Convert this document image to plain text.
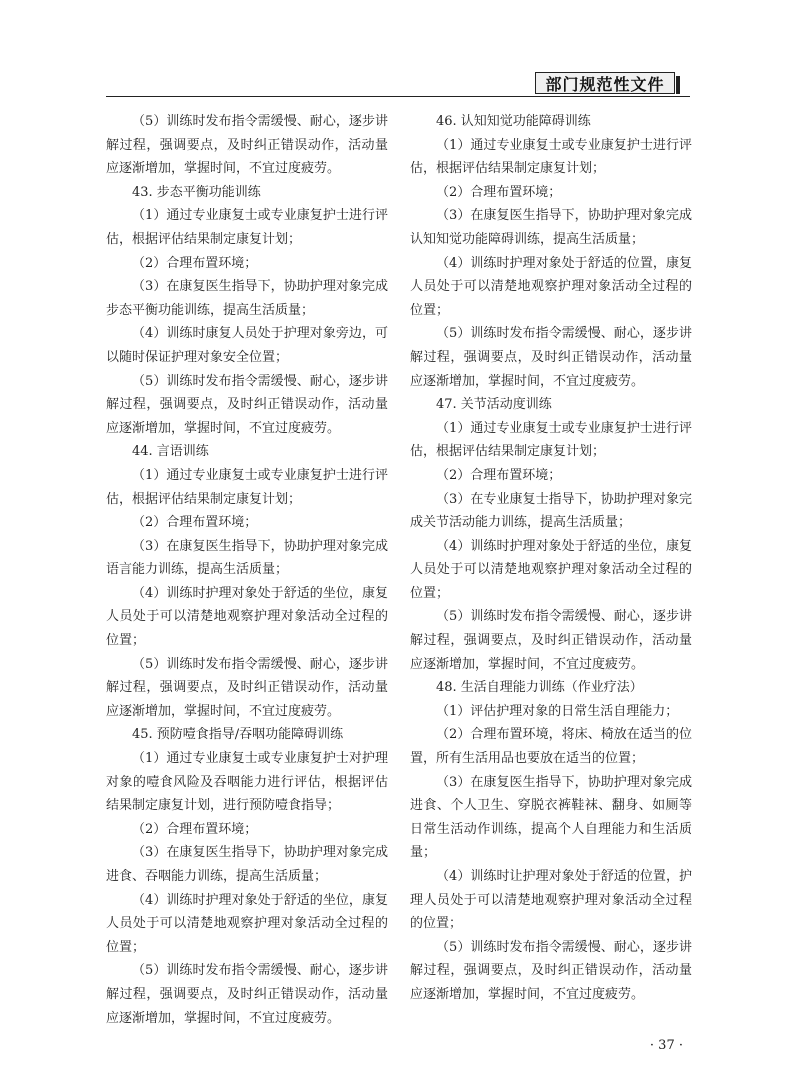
部门规范性文件

（5）训练时发布指令需缓慢、耐心，逐步讲解过程，强调要点，及时纠正错误动作，活动量应逐渐增加，掌握时间，不宜过度疲劳。

43. 步态平衡功能训练

（1）通过专业康复士或专业康复护士进行评估，根据评估结果制定康复计划；

（2）合理布置环境；

（3）在康复医生指导下，协助护理对象完成步态平衡功能训练，提高生活质量；

（4）训练时康复人员处于护理对象旁边，可以随时保证护理对象安全位置；

（5）训练时发布指令需缓慢、耐心，逐步讲解过程，强调要点，及时纠正错误动作，活动量应逐渐增加，掌握时间，不宜过度疲劳。

44. 言语训练

（1）通过专业康复士或专业康复护士进行评估，根据评估结果制定康复计划；

（2）合理布置环境；

（3）在康复医生指导下，协助护理对象完成语言能力训练，提高生活质量；

（4）训练时护理对象处于舒适的坐位，康复人员处于可以清楚地观察护理对象活动全过程的位置；

（5）训练时发布指令需缓慢、耐心，逐步讲解过程，强调要点，及时纠正错误动作，活动量应逐渐增加，掌握时间，不宜过度疲劳。

45. 预防噎食指导/吞咽功能障碍训练

（1）通过专业康复士或专业康复护士对护理对象的噎食风险及吞咽能力进行评估，根据评估结果制定康复计划，进行预防噎食指导；

（2）合理布置环境；

（3）在康复医生指导下，协助护理对象完成进食、吞咽能力训练，提高生活质量；

（4）训练时护理对象处于舒适的坐位，康复人员处于可以清楚地观察护理对象活动全过程的位置；

（5）训练时发布指令需缓慢、耐心，逐步讲解过程，强调要点，及时纠正错误动作，活动量应逐渐增加，掌握时间，不宜过度疲劳。

46. 认知知觉功能障碍训练

（1）通过专业康复士或专业康复护士进行评估，根据评估结果制定康复计划；

（2）合理布置环境；

（3）在康复医生指导下，协助护理对象完成认知知觉功能障碍训练，提高生活质量；

（4）训练时护理对象处于舒适的位置，康复人员处于可以清楚地观察护理对象活动全过程的位置；

（5）训练时发布指令需缓慢、耐心，逐步讲解过程，强调要点，及时纠正错误动作，活动量应逐渐增加，掌握时间，不宜过度疲劳。

47. 关节活动度训练

（1）通过专业康复士或专业康复护士进行评估，根据评估结果制定康复计划；

（2）合理布置环境；

（3）在专业康复士指导下，协助护理对象完成关节活动能力训练，提高生活质量；

（4）训练时护理对象处于舒适的坐位，康复人员处于可以清楚地观察护理对象活动全过程的位置；

（5）训练时发布指令需缓慢、耐心，逐步讲解过程，强调要点，及时纠正错误动作，活动量应逐渐增加，掌握时间，不宜过度疲劳。

48. 生活自理能力训练（作业疗法）

（1）评估护理对象的日常生活自理能力；

（2）合理布置环境，将床、椅放在适当的位置，所有生活用品也要放在适当的位置；

（3）在康复医生指导下，协助护理对象完成进食、个人卫生、穿脱衣裤鞋袜、翻身、如厕等日常生活动作训练，提高个人自理能力和生活质量；

（4）训练时让护理对象处于舒适的位置，护理人员处于可以清楚地观察护理对象活动全过程的位置；

（5）训练时发布指令需缓慢、耐心，逐步讲解过程，强调要点，及时纠正错误动作，活动量应逐渐增加，掌握时间，不宜过度疲劳。

· 37 ·
